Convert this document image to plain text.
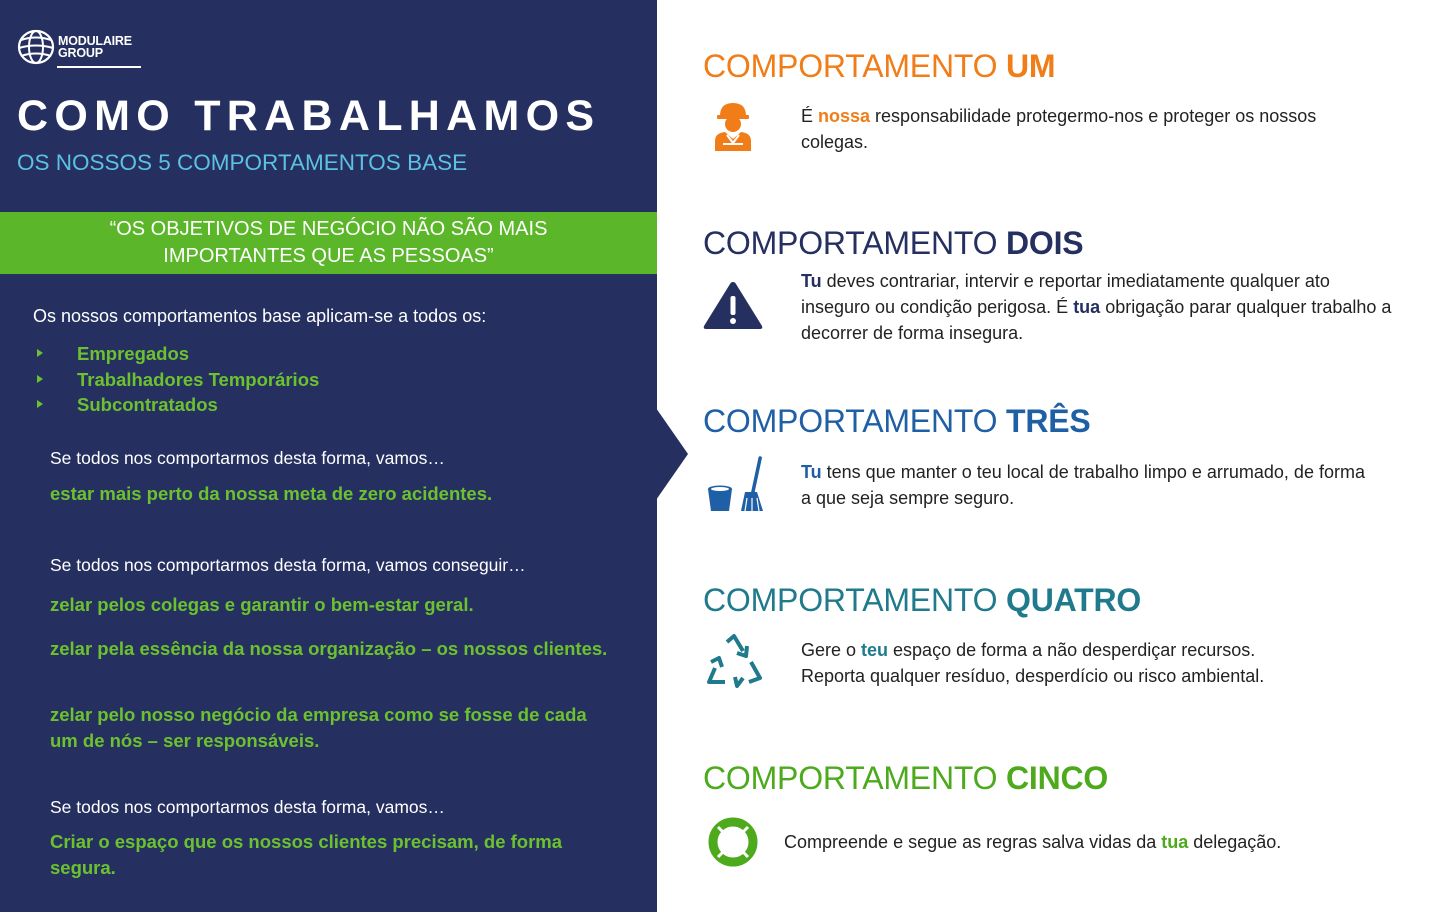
MODULAIRE
GROUP
COMO TRABALHAMOS
OS NOSSOS 5 COMPORTAMENTOS BASE
“OS OBJETIVOS DE NEGÓCIO NÃO SÃO MAIS
IMPORTANTES QUE AS PESSOAS”
Os nossos comportamentos base aplicam-se a todos os:
Empregados
Trabalhadores Temporários
Subcontratados
Se todos nos comportarmos desta forma, vamos…
estar mais perto da nossa meta de zero acidentes.
Se todos nos comportarmos desta forma, vamos conseguir…
zelar pelos colegas e garantir o bem-estar geral.
zelar pela essência da nossa organização – os nossos clientes.
zelar pelo nosso negócio da empresa como se fosse de cada um de nós – ser responsáveis.
Se todos nos comportarmos desta forma, vamos…
Criar o espaço que os nossos clientes precisam, de forma segura.
COMPORTAMENTO UM
É nossa responsabilidade protegermo-nos e proteger os nossos colegas.
COMPORTAMENTO DOIS
Tu deves contrariar, intervir e reportar imediatamente qualquer ato inseguro ou condição perigosa. É tua obrigação parar qualquer trabalho a decorrer de forma insegura.
COMPORTAMENTO TRÊS
Tu tens que manter o teu local de trabalho limpo e arrumado, de forma a que seja sempre seguro.
COMPORTAMENTO QUATRO
Gere o teu espaço de forma a não desperdiçar recursos.
Reporta qualquer resíduo, desperdício ou risco ambiental.
COMPORTAMENTO CINCO
Compreende e segue as regras salva vidas da tua delegação.
